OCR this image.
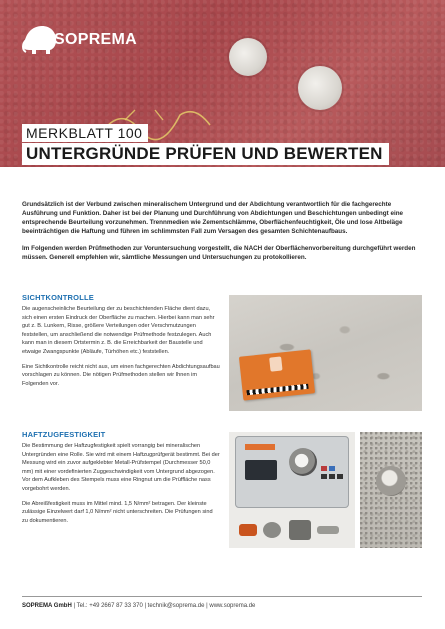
SOPREMA
MERKBLATT 100
UNTERGRÜNDE PRÜFEN UND BEWERTEN

Grundsätzlich ist der Verbund zwischen mineralischem Untergrund und der Abdichtung verantwortlich für die fachgerechte Ausführung und Funktion. Daher ist bei der Planung und Durchführung von Abdichtungen und Beschichtungen unbedingt eine entsprechende Beurteilung vorzunehmen. Trennmedien wie Zementschlämme, Oberflächenfeuchtigkeit, Öle und lose Altbeläge beeinträchtigen die Haftung und führen im schlimmsten Fall zum Versagen des gesamten Schichtenaufbaus.

Im Folgenden werden Prüfmethoden zur Voruntersuchung vorgestellt, die NACH der Oberflächenvorbereitung durchgeführt werden müssen. Generell empfehlen wir, sämtliche Messungen und Untersuchungen zu protokollieren.

SICHTKONTROLLE

Die augenscheinliche Beurteilung der zu beschichtenden Fläche dient dazu, sich einen ersten Eindruck der Oberfläche zu machen. Hierbei kann man sehr gut z. B. Lunkern, Risse, größere Verteilungen oder Verschmutzungen feststellen, um anschließend die notwendige Prüfmethode festzulegen. Auch kann man in diesem Ortstermin z. B. die Erreichbarkeit der Baustelle und etwaige Zwangspunkte (Abläufe, Türhöhen etc.) feststellen.

Eine Sichtkontrolle reicht nicht aus, um einen fachgerechten Abdichtungsaufbau vorschlagen zu können. Die nötigen Prüfmethoden stellen wir Ihnen im Folgenden vor.

HAFTZUGFESTIGKEIT

Die Bestimmung der Haftzugfestigkeit spielt vorrangig bei mineralischen Untergründen eine Rolle. Sie wird mit einem Haftzugprüfgerät bestimmt. Bei der Messung wird ein zuvor aufgeklebter Metall-Prüfstempel (Durchmesser 50,0 mm) mit einer vordefinierten Zuggeschwindigkeit vom Untergrund abgezogen. Vor dem Aufkleben des Stempels muss eine Ringnut um die Prüffläche nass vorgebohrt werden.

Die Abreißfestigkeit muss im Mittel mind. 1,5 N/mm² betragen. Der kleinste zulässige Einzelwert darf 1,0 N/mm² nicht unterschreiten. Die Prüfungen sind zu dokumentieren.

SOPREMA GmbH | Tel.: +49 2667 87 33 370 | technik@soprema.de | www.soprema.de
